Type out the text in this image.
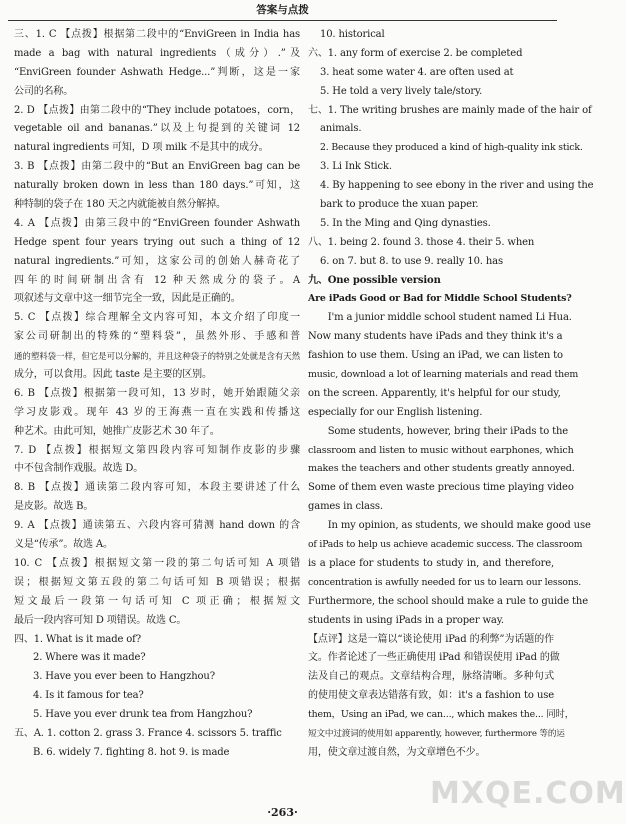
答案与点拨
三、1. C 【点拨】根据第二段中的“EnviGreen in India has
made a bag with natural ingredients（成分）.”及
“EnviGreen founder Ashwath Hedge...”判断，这是一家
公司的名称。
2. D 【点拨】由第二段中的“They include potatoes，corn，
vegetable oil and bananas.”以及上句提到的关键词 12
natural ingredients 可知，D 项 milk 不是其中的成分。
3. B 【点拨】由第二段中的“But an EnviGreen bag can be
naturally broken down in less than 180 days.”可知，这
种特制的袋子在 180 天之内就能被自然分解掉。
4. A 【点拨】由第三段中的“EnviGreen founder Ashwath
Hedge spent four years trying out such a thing of 12
natural ingredients.”可知，这家公司的创始人赫奇花了
四年的时间研制出含有 12 种天然成分的袋子。A
项叙述与文章中这一细节完全一致，因此是正确的。
5. C 【点拨】综合理解全文内容可知，本文介绍了印度一
家公司研制出的特殊的“塑料袋”，虽然外形、手感和普
通的塑料袋一样，但它是可以分解的，并且这种袋子的特别之处就是含有天然
成分，可以食用。因此 taste 是主要的区别。
6. B 【点拨】根据第一段可知，13 岁时，她开始跟随父亲
学习皮影戏。现年 43 岁的王海燕一直在实践和传播这
种艺术。由此可知，她推广皮影艺术 30 年了。
7. D 【点拨】根据短文第四段内容可知制作皮影的步骤
中不包含制作戏服。故选 D。
8. B 【点拨】通读第二段内容可知，本段主要讲述了什么
是皮影。故选 B。
9. A 【点拨】通读第五、六段内容可猜测 hand down 的含
义是“传承”。故选 A。
10. C 【点拨】根据短文第一段的第二句话可知 A 项错
误；根据短文第五段的第二句话可知 B 项错误；根据
短文最后一段第一句话可知 C 项正确；根据短文
最后一段内容可知 D 项错误。故选 C。
四、1. What is it made of?
2. Where was it made?
3. Have you ever been to Hangzhou?
4. Is it famous for tea?
5. Have you ever drunk tea from Hangzhou?
五、A. 1. cotton 2. grass 3. France 4. scissors 5. traffic
B. 6. widely 7. fighting 8. hot 9. is made
10. historical
六、1. any form of exercise 2. be completed
3. heat some water 4. are often used at
5. He told a very lively tale/story.
七、1. The writing brushes are mainly made of the hair of
animals.
2. Because they produced a kind of high-quality ink stick.
3. Li Ink Stick.
4. By happening to see ebony in the river and using the
bark to produce the xuan paper.
5. In the Ming and Qing dynasties.
八、1. being 2. found 3. those 4. their 5. when
6. on 7. but 8. to use 9. really 10. has
九、One possible version
Are iPads Good or Bad for Middle School Students?
　　I'm a junior middle school student named Li Hua.
Now many students have iPads and they think it's a
fashion to use them. Using an iPad, we can listen to
music, download a lot of learning materials and read them
on the screen. Apparently, it's helpful for our study,
especially for our English listening.
　　Some students, however, bring their iPads to the
classroom and listen to music without earphones, which
makes the teachers and other students greatly annoyed.
Some of them even waste precious time playing video
games in class.
　　In my opinion, as students, we should make good use
of iPads to help us achieve academic success. The classroom
is a place for students to study in, and therefore,
concentration is awfully needed for us to learn our lessons.
Furthermore, the school should make a rule to guide the
students in using iPads in a proper way.
【点评】这是一篇以“谈论使用 iPad 的利弊”为话题的作
文。作者论述了一些正确使用 iPad 和错误使用 iPad 的做
法及自己的观点。文章结构合理，脉络清晰。多种句式
的使用使文章表达错落有致，如：it's a fashion to use
them，Using an iPad, we can..., which makes the... 同时，
短文中过渡词的使用如 apparently, however, furthermore 等的运
用，使文章过渡自然，为文章增色不少。
MXQE.COM
·263·
